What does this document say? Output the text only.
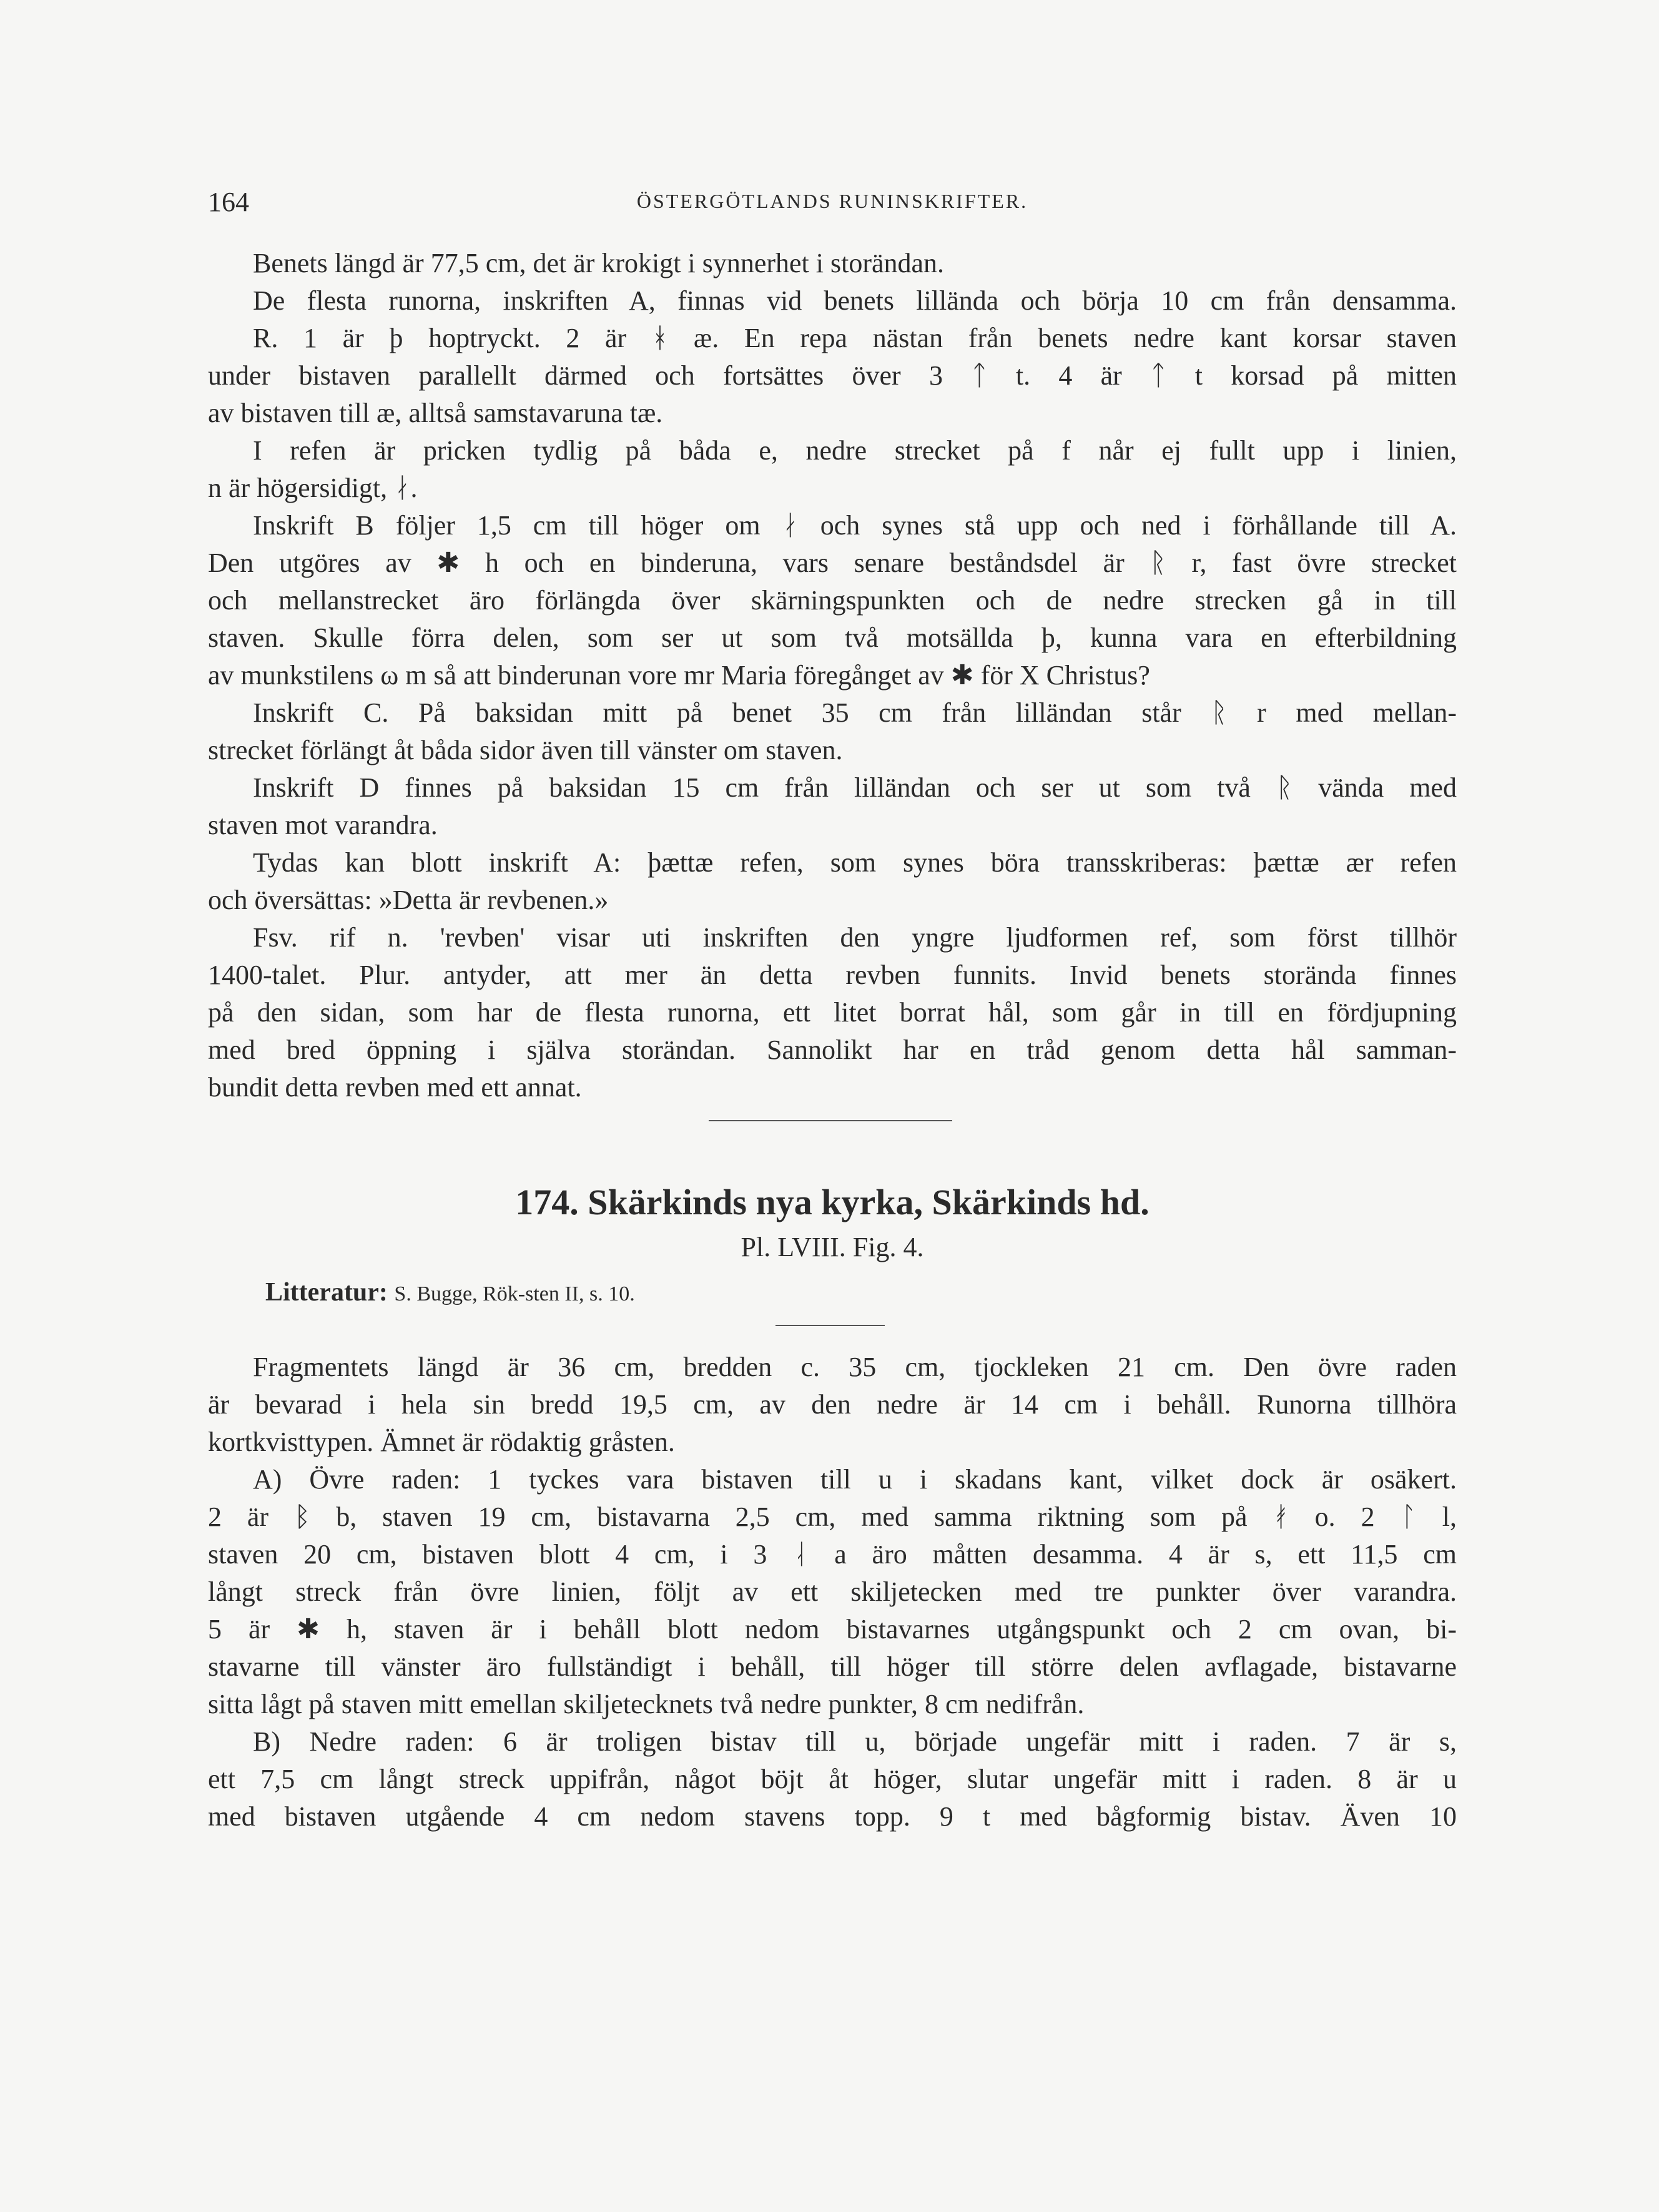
164	ÖSTERGÖTLANDS RUNINSKRIFTER.
Benets längd är 77,5 cm, det är krokigt i synnerhet i storändan.
De flesta runorna, inskriften A, finnas vid benets lillända och börja 10 cm från densamma.
R. 1 är þ hoptryckt. 2 är ᚼ æ. En repa nästan från benets nedre kant korsar staven
under bistaven parallellt därmed och fortsättes över 3 ᛏ t. 4 är ᛏ t korsad på mitten
av bistaven till æ, alltså samstavaruna tæ.
I refen är pricken tydlig på båda e, nedre strecket på f når ej fullt upp i linien,
n är högersidigt, ᛅ.
Inskrift B följer 1,5 cm till höger om ᛅ och synes stå upp och ned i förhållande till A.
Den utgöres av ✱ h och en binderuna, vars senare beståndsdel är ᚱ r, fast övre strecket
och mellanstrecket äro förlängda över skärningspunkten och de nedre strecken gå in till
staven. Skulle förra delen, som ser ut som två motsällda þ, kunna vara en efterbildning
av munkstilens ω m så att binderunan vore mr Maria föregånget av ✱ för X Christus?
Inskrift C. På baksidan mitt på benet 35 cm från lilländan står ᚱ r med mellan-
strecket förlängt åt båda sidor även till vänster om staven.
Inskrift D finnes på baksidan 15 cm från lilländan och ser ut som två ᚱ vända med
staven mot varandra.
Tydas kan blott inskrift A: þættæ refen, som synes böra transskriberas: þættæ ær refen
och översättas: »Detta är revbenen.»
Fsv. rif n. 'revben' visar uti inskriften den yngre ljudformen ref, som först tillhör
1400-talet. Plur. antyder, att mer än detta revben funnits. Invid benets storända finnes
på den sidan, som har de flesta runorna, ett litet borrat hål, som går in till en fördjupning
med bred öppning i själva storändan. Sannolikt har en tråd genom detta hål samman-
bundit detta revben med ett annat.
174. Skärkinds nya kyrka, Skärkinds hd.
Pl. LVIII. Fig. 4.
Litteratur: S. Bugge, Rök-sten II, s. 10.
Fragmentets längd är 36 cm, bredden c. 35 cm, tjockleken 21 cm. Den övre raden
är bevarad i hela sin bredd 19,5 cm, av den nedre är 14 cm i behåll. Runorna tillhöra
kortkvisttypen. Ämnet är rödaktig gråsten.
A) Övre raden: 1 tyckes vara bistaven till u i skadans kant, vilket dock är osäkert.
2 är ᛒ b, staven 19 cm, bistavarna 2,5 cm, med samma riktning som på ᚯ o. 2 ᛚ l,
staven 20 cm, bistaven blott 4 cm, i 3 ᛆ a äro måtten desamma. 4 är s, ett 11,5 cm
långt streck från övre linien, följt av ett skiljetecken med tre punkter över varandra.
5 är ✱ h, staven är i behåll blott nedom bistavarnes utgångspunkt och 2 cm ovan, bi-
stavarne till vänster äro fullständigt i behåll, till höger till större delen avflagade, bistavarne
sitta lågt på staven mitt emellan skiljetecknets två nedre punkter, 8 cm nedifrån.
B) Nedre raden: 6 är troligen bistav till u, började ungefär mitt i raden. 7 är s,
ett 7,5 cm långt streck uppifrån, något böjt åt höger, slutar ungefär mitt i raden. 8 är u
med bistaven utgående 4 cm nedom stavens topp. 9 t med bågformig bistav. Även 10
